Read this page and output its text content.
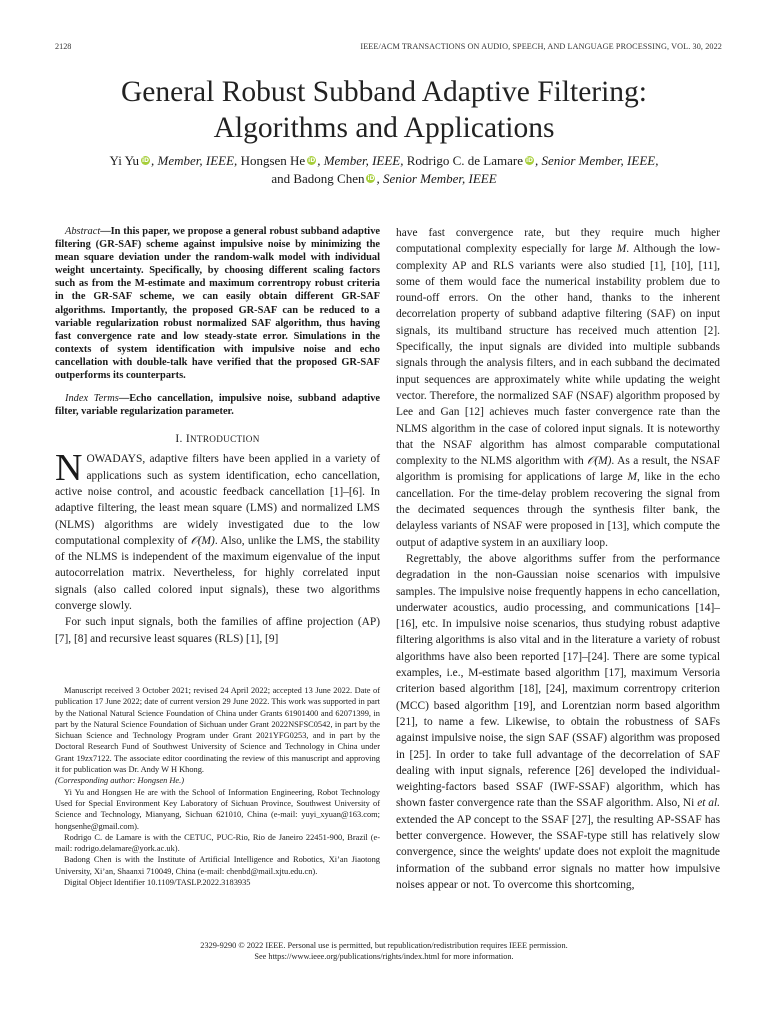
2128	IEEE/ACM TRANSACTIONS ON AUDIO, SPEECH, AND LANGUAGE PROCESSING, VOL. 30, 2022
General Robust Subband Adaptive Filtering:
Algorithms and Applications
Yi Yu iD , Member, IEEE, Hongsen He iD , Member, IEEE, Rodrigo C. de Lamare iD , Senior Member, IEEE,
and Badong Chen iD , Senior Member, IEEE

Abstract—In this paper, we propose a general robust subband adaptive filtering (GR-SAF) scheme against impulsive noise by minimizing the mean square deviation under the random-walk model with individual weight uncertainty. Specifically, by choosing different scaling factors such as from the M-estimate and maximum correntropy robust criteria in the GR-SAF scheme, we can easily obtain different GR-SAF algorithms. Importantly, the proposed GR-SAF can be reduced to a variable regularization robust normalized SAF algorithm, thus having fast convergence rate and low steady-state error. Simulations in the contexts of system identification with impulsive noise and echo cancellation with double-talk have verified that the proposed GR-SAF outperforms its counterparts.

Index Terms—Echo cancellation, impulsive noise, subband adaptive filter, variable regularization parameter.

I. INTRODUCTION

NOWADAYS, adaptive filters have been applied in a variety of applications such as system identification, echo cancellation, active noise control, and acoustic feedback cancellation [1]–[6]. In adaptive filtering, the least mean square (LMS) and normalized LMS (NLMS) algorithms are widely investigated due to the low computational complexity of 𝒪(M). Also, unlike the LMS, the stability of the NLMS is independent of the maximum eigenvalue of the input autocorrelation matrix. Nevertheless, for highly correlated input signals (also called colored input signals), these two algorithms converge slowly.

For such input signals, both the families of affine projection (AP) [7], [8] and recursive least squares (RLS) [1], [9]

Manuscript received 3 October 2021; revised 24 April 2022; accepted 13 June 2022. Date of publication 17 June 2022; date of current version 29 June 2022. This work was supported in part by the National Natural Science Foundation of China under Grants 61901400 and 62071399, in part by the Natural Science Foundation of Sichuan under Grant 2022NSFSC0542, in part by the Sichuan Science and Technology Program under Grant 2021YFG0253, and in part by the Doctoral Research Fund of Southwest University of Science and Technology in China under Grant 19zx7122. The associate editor coordinating the review of this manuscript and approving it for publication was Dr. Andy W H Khong.
(Corresponding author: Hongsen He.)

Yi Yu and Hongsen He are with the School of Information Engineering, Robot Technology Used for Special Environment Key Laboratory of Sichuan Province, Southwest University of Science and Technology, Mianyang, Sichuan 621010, China (e-mail: yuyi_xyuan@163.com; hongsenhe@gmail.com).

Rodrigo C. de Lamare is with the CETUC, PUC-Rio, Rio de Janeiro 22451-900, Brazil (e-mail: rodrigo.delamare@york.ac.uk).

Badong Chen is with the Institute of Artificial Intelligence and Robotics, Xi’an Jiaotong University, Xi’an, Shaanxi 710049, China (e-mail: chenbd@mail.xjtu.edu.cn).

Digital Object Identifier 10.1109/TASLP.2022.3183935

have fast convergence rate, but they require much higher computational complexity especially for large M. Although the low-complexity AP and RLS variants were also studied [1], [10], [11], some of them would face the numerical instability problem due to round-off errors. On the other hand, thanks to the inherent decorrelation property of subband adaptive filtering (SAF) on input signals, its multiband structure has received much attention [2]. Specifically, the input signals are divided into multiple subbands signals through the analysis filters, and in each subband the decimated input sequences are approximately white while updating the weight vector. Therefore, the normalized SAF (NSAF) algorithm proposed by Lee and Gan [12] achieves much faster convergence rate than the NLMS algorithm in the case of colored input signals. It is noteworthy that the NSAF algorithm has almost comparable computational complexity to the NLMS algorithm with 𝒪(M). As a result, the NSAF algorithm is promising for applications of large M, like in the echo cancellation. For the time-delay problem recovering the signal from the decimated sequences through the synthesis filter bank, the delayless variants of NSAF were proposed in [13], which compute the output of adaptive system in an auxiliary loop.

Regrettably, the above algorithms suffer from the performance degradation in the non-Gaussian noise scenarios with impulsive samples. The impulsive noise frequently happens in echo cancellation, underwater acoustics, audio processing, and communications [14]–[16], etc. In impulsive noise scenarios, thus studying robust adaptive filtering algorithms is also vital and in the literature a variety of robust algorithms have also been reported [17]–[24]. There are some typical examples, i.e., M-estimate based algorithm [17], maximum Versoria criterion based algorithm [18], [24], maximum correntropy criterion (MCC) based algorithm [19], and Lorentzian norm based algorithm [21], to name a few. Likewise, to obtain the robustness of SAFs against impulsive noise, the sign SAF (SSAF) algorithm was proposed in [25]. In order to take full advantage of the decorrelation of SAF dealing with input signals, reference [26] developed the individual-weighting-factors based SSAF (IWF-SSAF) algorithm, which has shown faster convergence rate than the SSAF algorithm. Also, Ni et al. extended the AP concept to the SSAF [27], the resulting AP-SSAF has better convergence. However, the SSAF-type still has relatively slow convergence, since the weights' update does not exploit the magnitude information of the subband error signals no matter how impulsive noises appear or not. To overcome this shortcoming,

2329-9290 © 2022 IEEE. Personal use is permitted, but republication/redistribution requires IEEE permission.
See https://www.ieee.org/publications/rights/index.html for more information.
